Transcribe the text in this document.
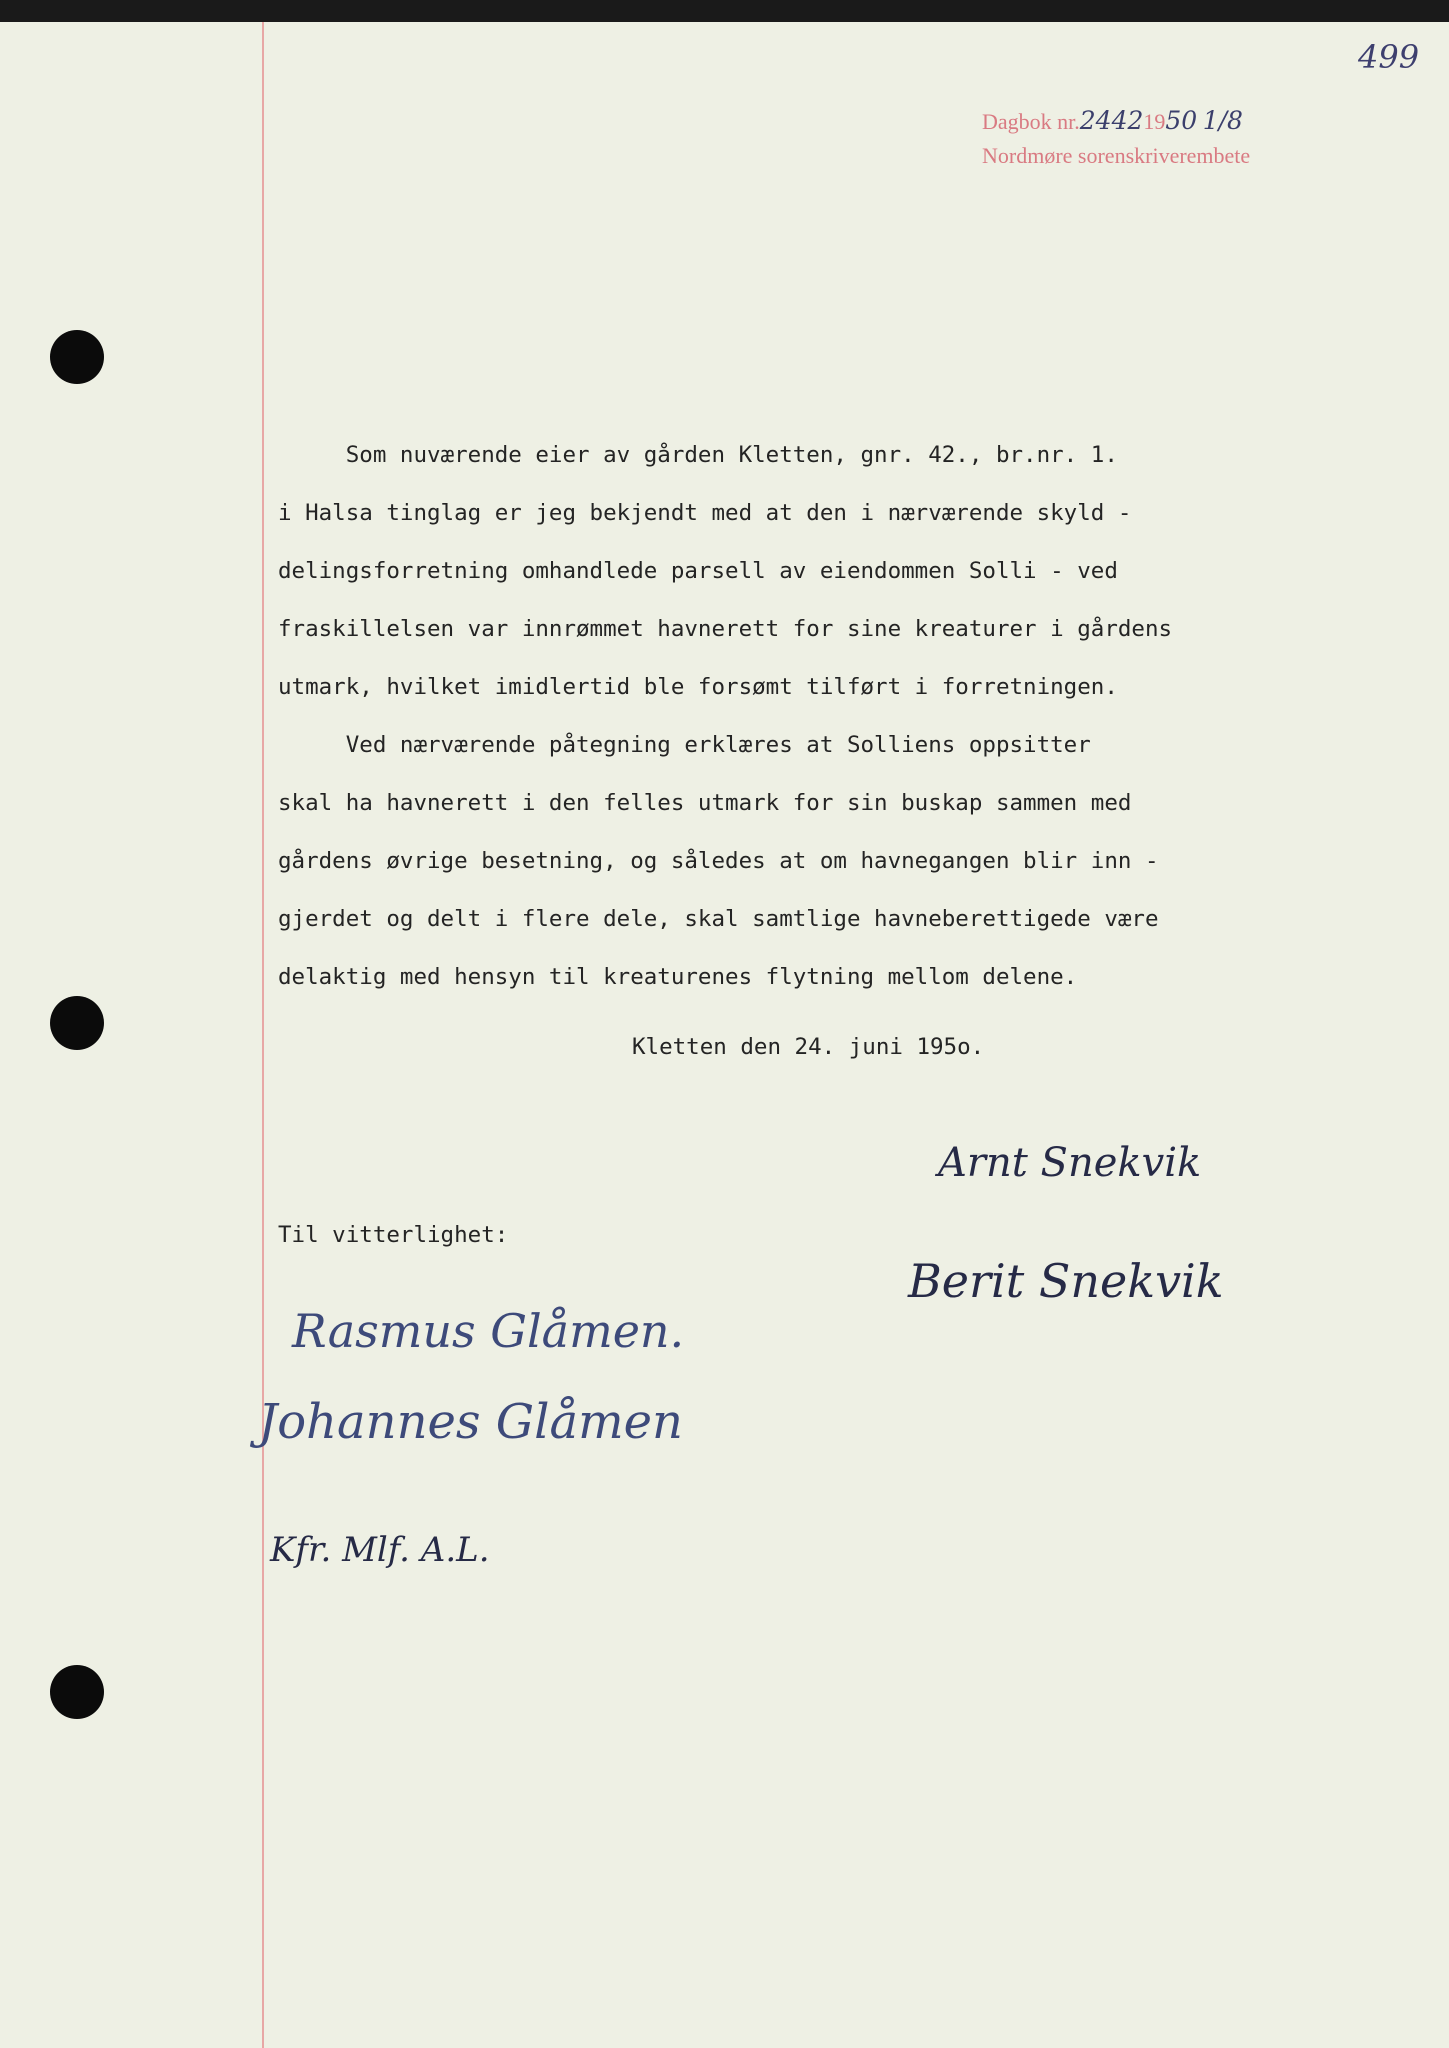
499
Dagbok nr.24421950 1/8
Nordmøre sorenskriverembete
Som nuværende eier av gården Kletten, gnr. 42., br.nr. 1.
i Halsa tinglag er jeg bekjendt med at den i nærværende skyld -
delingsforretning omhandlede parsell av eiendommen Solli - ved
fraskillelsen var innrømmet havnerett for sine kreaturer i gårdens
utmark, hvilket imidlertid ble forsømt tilført i forretningen.
Ved nærværende påtegning erklæres at Solliens oppsitter
skal ha havnerett i den felles utmark for sin buskap sammen med
gårdens øvrige besetning, og således at om havnegangen blir inn -
gjerdet og delt i flere dele, skal samtlige havneberettigede være
delaktig med hensyn til kreaturenes flytning mellom delene.
Kletten den 24. juni 195o.
Til vitterlighet:
Arnt Snekvik
Berit Snekvik
Rasmus Glåmen.
Johannes Glåmen
Kfr. Mlf. A.L.
